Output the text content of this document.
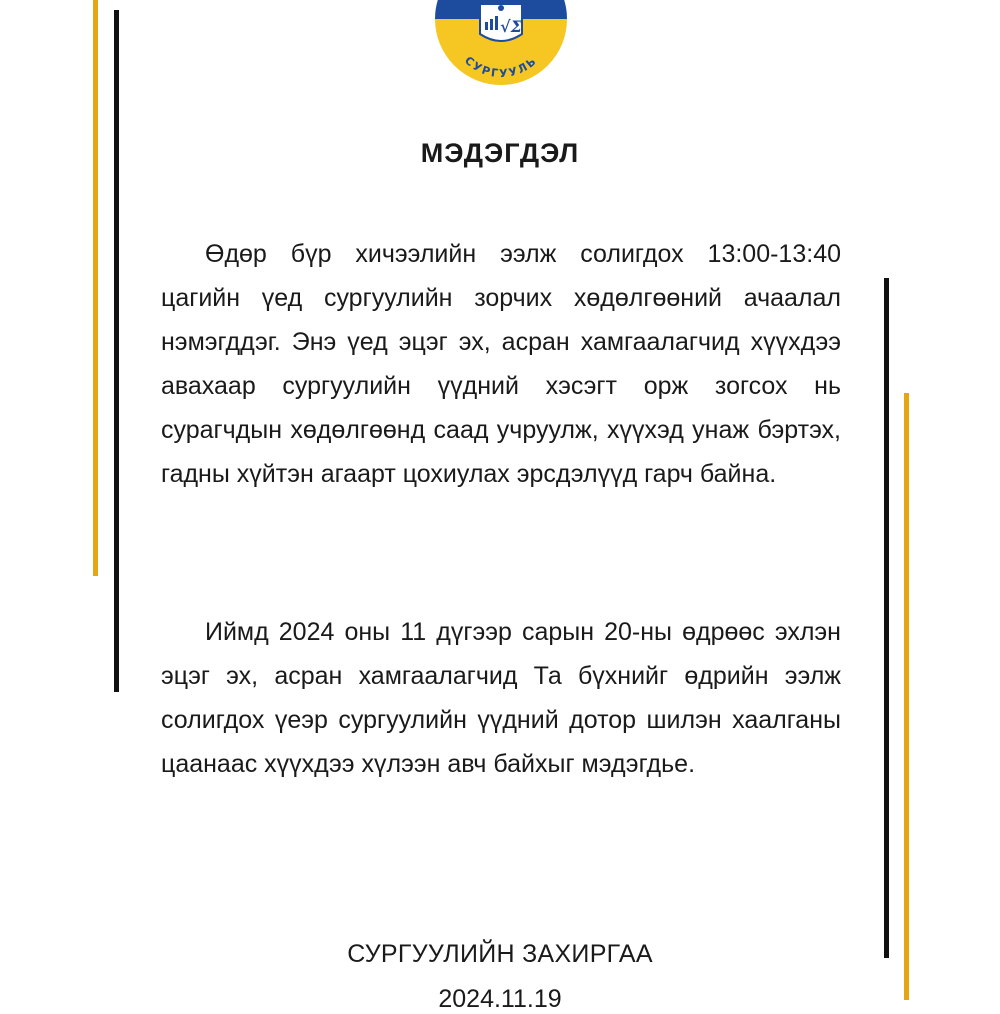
√Σ
СУРГУУЛЬ
МЭДЭГДЭЛ

Өдөр бүр хичээлийн ээлж солигдох 13:00-13:40 цагийн үед сургуулийн зорчих хөдөлгөөний ачаалал нэмэгддэг. Энэ үед эцэг эх, асран хамгаалагчид хүүхдээ авахаар сургуулийн үүдний хэсэгт орж зогсох нь сурагчдын хөдөлгөөнд саад учруулж, хүүхэд унаж бэртэх, гадны хүйтэн агаарт цохиулах эрсдэлүүд гарч байна.

Иймд 2024 оны 11 дүгээр сарын 20-ны өдрөөс эхлэн эцэг эх, асран хамгаалагчид Та бүхнийг өдрийн ээлж солигдох үеэр сургуулийн үүдний дотор шилэн хаалганы цаанаас хүүхдээ хүлээн авч байхыг мэдэгдье.

СУРГУУЛИЙН ЗАХИРГАА
2024.11.19
